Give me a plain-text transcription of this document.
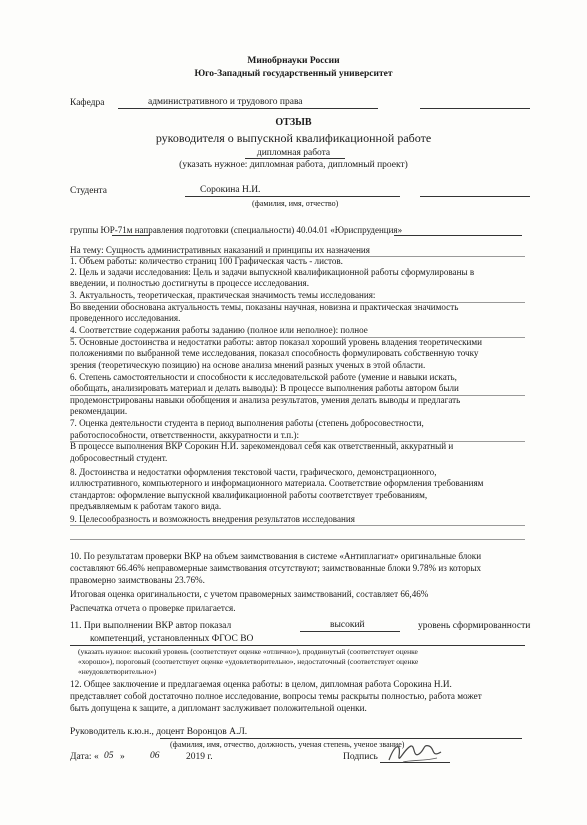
Минобрнауки России
Юго-Западный государственный университет
Кафедра	административного и трудового права
ОТЗЫВ
руководителя о выпускной квалификационной работе
дипломная работа
(указать нужное: дипломная работа, дипломный проект)
Студента	Сорокина Н.И.
(фамилия, имя, отчество)
группы ЮР-71м направления подготовки (специальности) 40.04.01 «Юриспруденция»
На тему: Сущность административных наказаний и принципы их назначения
1. Объем работы: количество страниц 100 Графическая часть - листов.
2. Цель и задачи исследования: Цель и задачи выпускной квалификационной работы сформулированы в
введении, и полностью достигнуты в процессе исследования.
3. Актуальность, теоретическая, практическая значимость темы исследования:
Во введении обоснована актуальность темы, показаны научная, новизна и практическая значимость
проведенного исследования.
4. Соответствие содержания работы заданию (полное или неполное): полное
5. Основные достоинства и недостатки работы: автор показал хороший уровень владения теоретическими
положениями по выбранной теме исследования, показал способность формулировать собственную точку
зрения (теоретическую позицию) на основе анализа мнений разных ученых в этой области.
6. Степень самостоятельности и способности к исследовательской работе (умение и навыки искать,
обобщать, анализировать материал и делать выводы): В процессе выполнения работы автором были
продемонстрированы навыки обобщения и анализа результатов, умения делать выводы и предлагать
рекомендации.
7. Оценка деятельности студента в период выполнения работы (степень добросовестности,
работоспособности, ответственности, аккуратности и т.п.):
В процессе выполнения ВКР Сорокин Н.И. зарекомендовал себя как ответственный, аккуратный и
добросовестный студент.
8. Достоинства и недостатки оформления текстовой части, графического, демонстрационного,
иллюстративного, компьютерного и информационного материала. Соответствие оформления требованиям
стандартов: оформление выпускной квалификационной работы соответствует требованиям,
предъявляемым к работам такого вида.
9. Целесообразность и возможность внедрения результатов исследования
10. По результатам проверки ВКР на объем заимствования в системе «Антиплагиат» оригинальные блоки
составляют 66.46% неправомерные заимствования отсутствуют; заимствованные блоки 9.78% из которых
правомерно заимствованы 23.76%.
Итоговая оценка оригинальности, с учетом правомерных заимствований, составляет 66,46%
Распечатка отчета о проверке прилагается.
11. При выполнении ВКР автор показал	высокий	уровень сформированности
компетенций, установленных ФГОС ВО
(указать нужное: высокий уровень (соответствует оценке «отлично»), продвинутый (соответствует оценке
«хорошо»), пороговый (соответствует оценке «удовлетворительно», недостаточный (соответствует оценке
«неудовлетворительно»)
12. Общее заключение и предлагаемая оценка работы: в целом, дипломная работа Сорокина Н.И.
представляет собой достаточно полное исследование, вопросы темы раскрыты полностью, работа может
быть допущена к защите, а дипломант заслуживает положительной оценки.
Руководитель к.ю.н., доцент Воронцов А.Л.
(фамилия, имя, отчество, должность, ученая степень, ученое звание)
Дата: « 05 »	06	2019 г.	Подпись
